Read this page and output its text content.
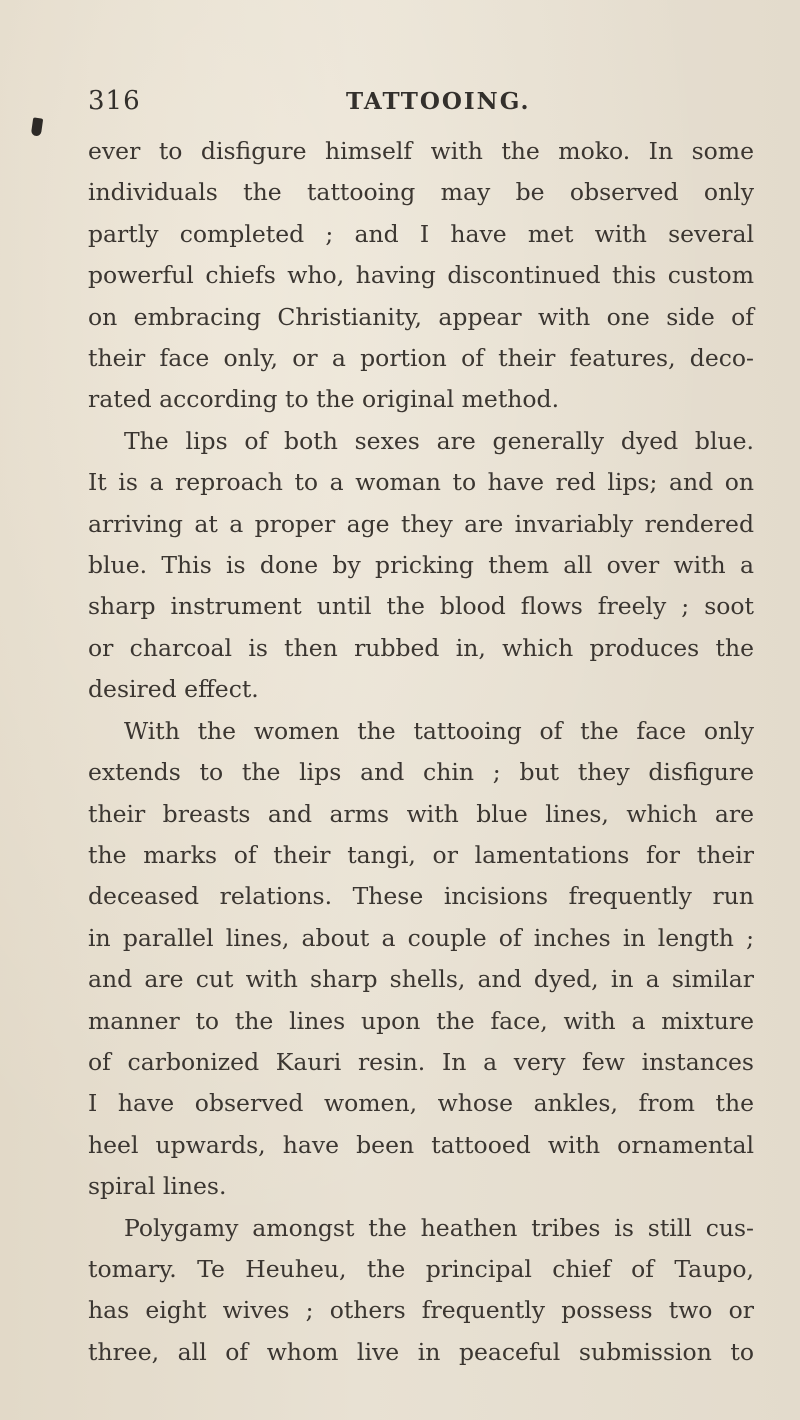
316	TATTOOING.
ever to disfigure himself with the moko. In some
individuals the tattooing may be observed only
partly completed ; and I have met with several
powerful chiefs who, having discontinued this custom
on embracing Christianity, appear with one side of
their face only, or a portion of their features, deco-
rated according to the original method.
The lips of both sexes are generally dyed blue.
It is a reproach to a woman to have red lips; and on
arriving at a proper age they are invariably rendered
blue. This is done by pricking them all over with a
sharp instrument until the blood flows freely ; soot
or charcoal is then rubbed in, which produces the
desired effect.
With the women the tattooing of the face only
extends to the lips and chin ; but they disfigure
their breasts and arms with blue lines, which are
the marks of their tangi, or lamentations for their
deceased relations. These incisions frequently run
in parallel lines, about a couple of inches in length ;
and are cut with sharp shells, and dyed, in a similar
manner to the lines upon the face, with a mixture
of carbonized Kauri resin. In a very few instances
I have observed women, whose ankles, from the
heel upwards, have been tattooed with ornamental
spiral lines.
Polygamy amongst the heathen tribes is still cus-
tomary. Te Heuheu, the principal chief of Taupo,
has eight wives ; others frequently possess two or
three, all of whom live in peaceful submission to
